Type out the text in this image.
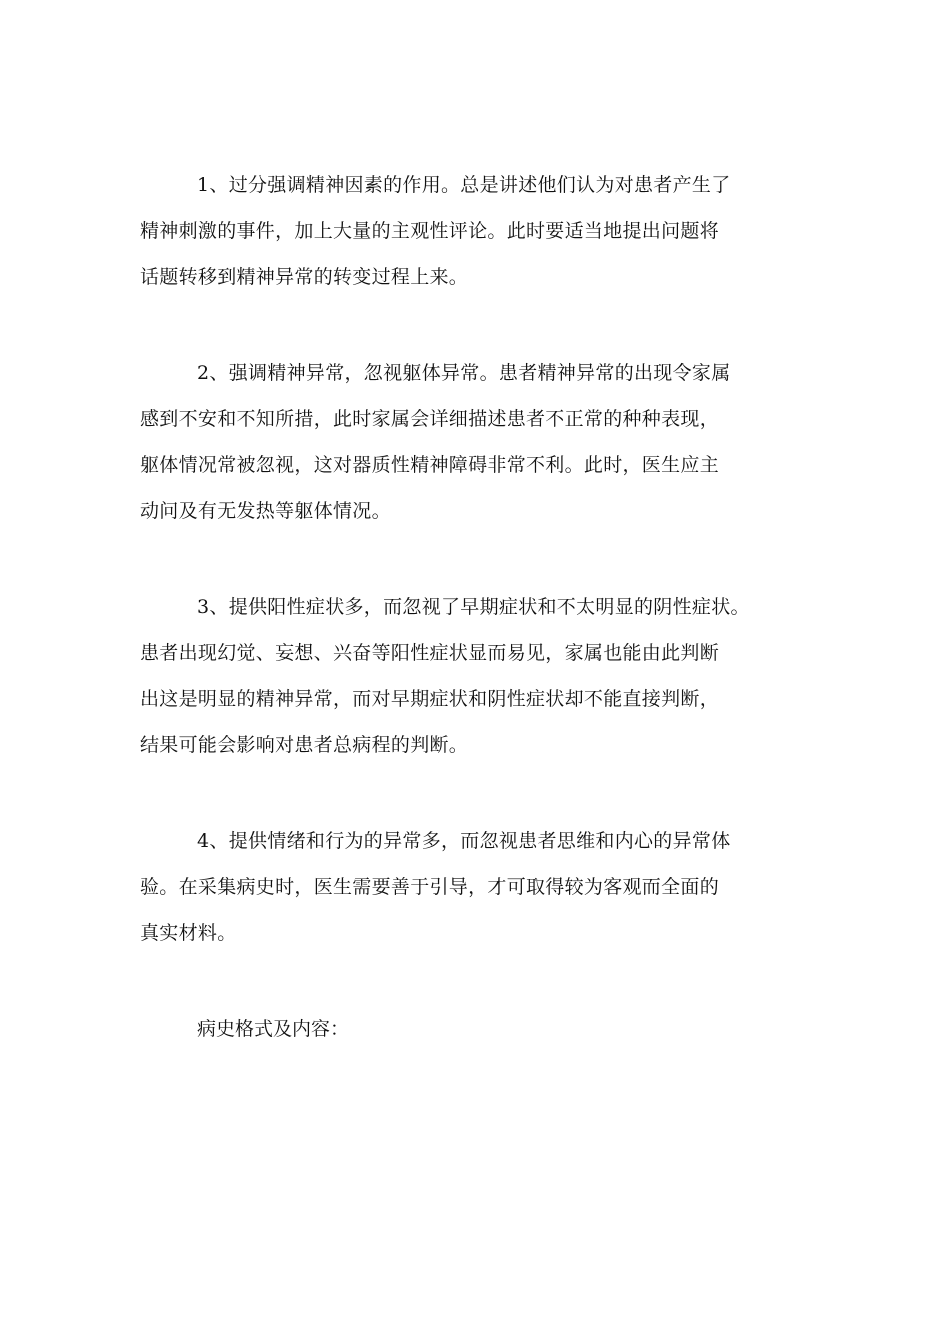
1、过分强调精神因素的作用。总是讲述他们认为对患者产生了
精神刺激的事件，加上大量的主观性评论。此时要适当地提出问题将
话题转移到精神异常的转变过程上来。

2、强调精神异常，忽视躯体异常。患者精神异常的出现令家属
感到不安和不知所措，此时家属会详细描述患者不正常的种种表现，
躯体情况常被忽视，这对器质性精神障碍非常不利。此时，医生应主
动问及有无发热等躯体情况。

3、提供阳性症状多，而忽视了早期症状和不太明显的阴性症状。
患者出现幻觉、妄想、兴奋等阳性症状显而易见，家属也能由此判断
出这是明显的精神异常，而对早期症状和阴性症状却不能直接判断，
结果可能会影响对患者总病程的判断。

4、提供情绪和行为的异常多，而忽视患者思维和内心的异常体
验。在采集病史时，医生需要善于引导，才可取得较为客观而全面的
真实材料。

病史格式及内容：
